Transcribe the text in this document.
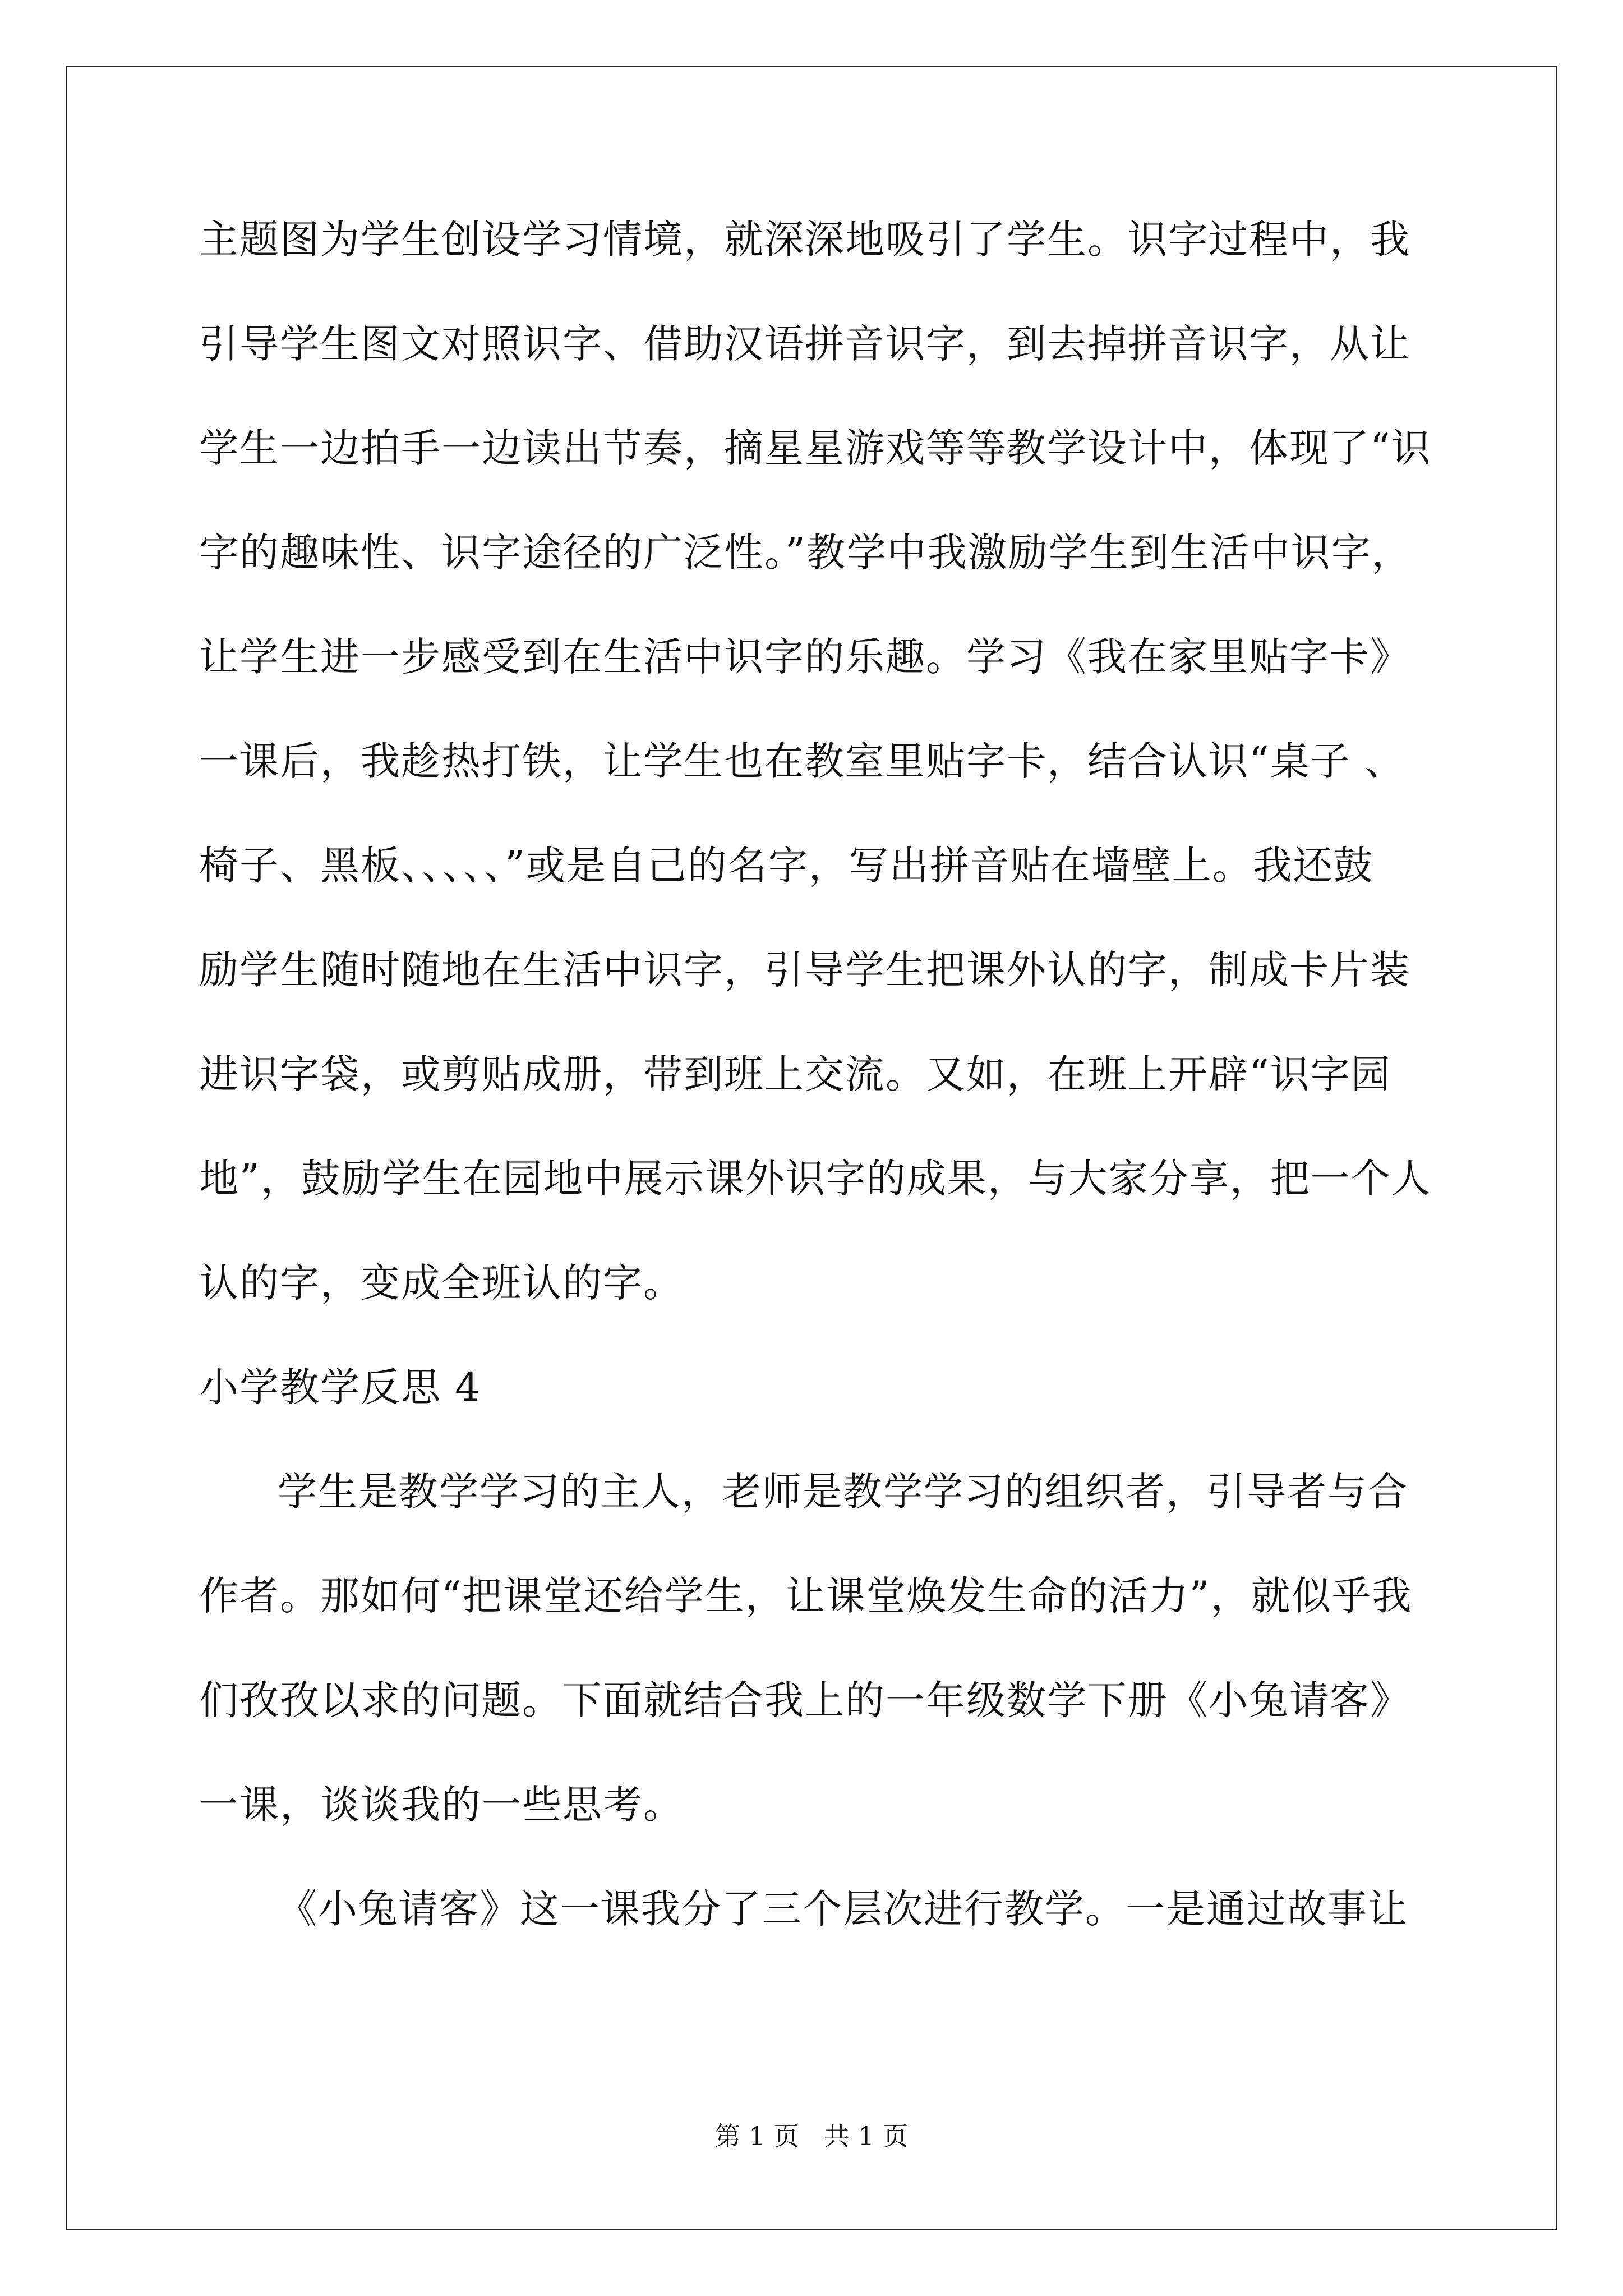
主题图为学生创设学习情境，就深深地吸引了学生。识字过程中，我
引导学生图文对照识字、借助汉语拼音识字，到去掉拼音识字，从让
学生一边拍手一边读出节奏，摘星星游戏等等教学设计中，体现了“识
字的趣味性、识字途径的广泛性。”教学中我激励学生到生活中识字，
让学生进一步感受到在生活中识字的乐趣。学习《我在家里贴字卡》
一课后，我趁热打铁，让学生也在教室里贴字卡，结合认识“桌子 、
椅子、黑板、、、、、”或是自己的名字，写出拼音贴在墙壁上。我还鼓
励学生随时随地在生活中识字，引导学生把课外认的字，制成卡片装
进识字袋，或剪贴成册，带到班上交流。又如，在班上开辟“识字园
地”，鼓励学生在园地中展示课外识字的成果，与大家分享，把一个人
认的字，变成全班认的字。
小学教学反思 4
学生是教学学习的主人，老师是教学学习的组织者，引导者与合
作者。那如何“把课堂还给学生，让课堂焕发生命的活力”，就似乎我
们孜孜以求的问题。下面就结合我上的一年级数学下册《小兔请客》
一课，谈谈我的一些思考。
《小兔请客》这一课我分了三个层次进行教学。一是通过故事让
第 1 页 共 1 页
